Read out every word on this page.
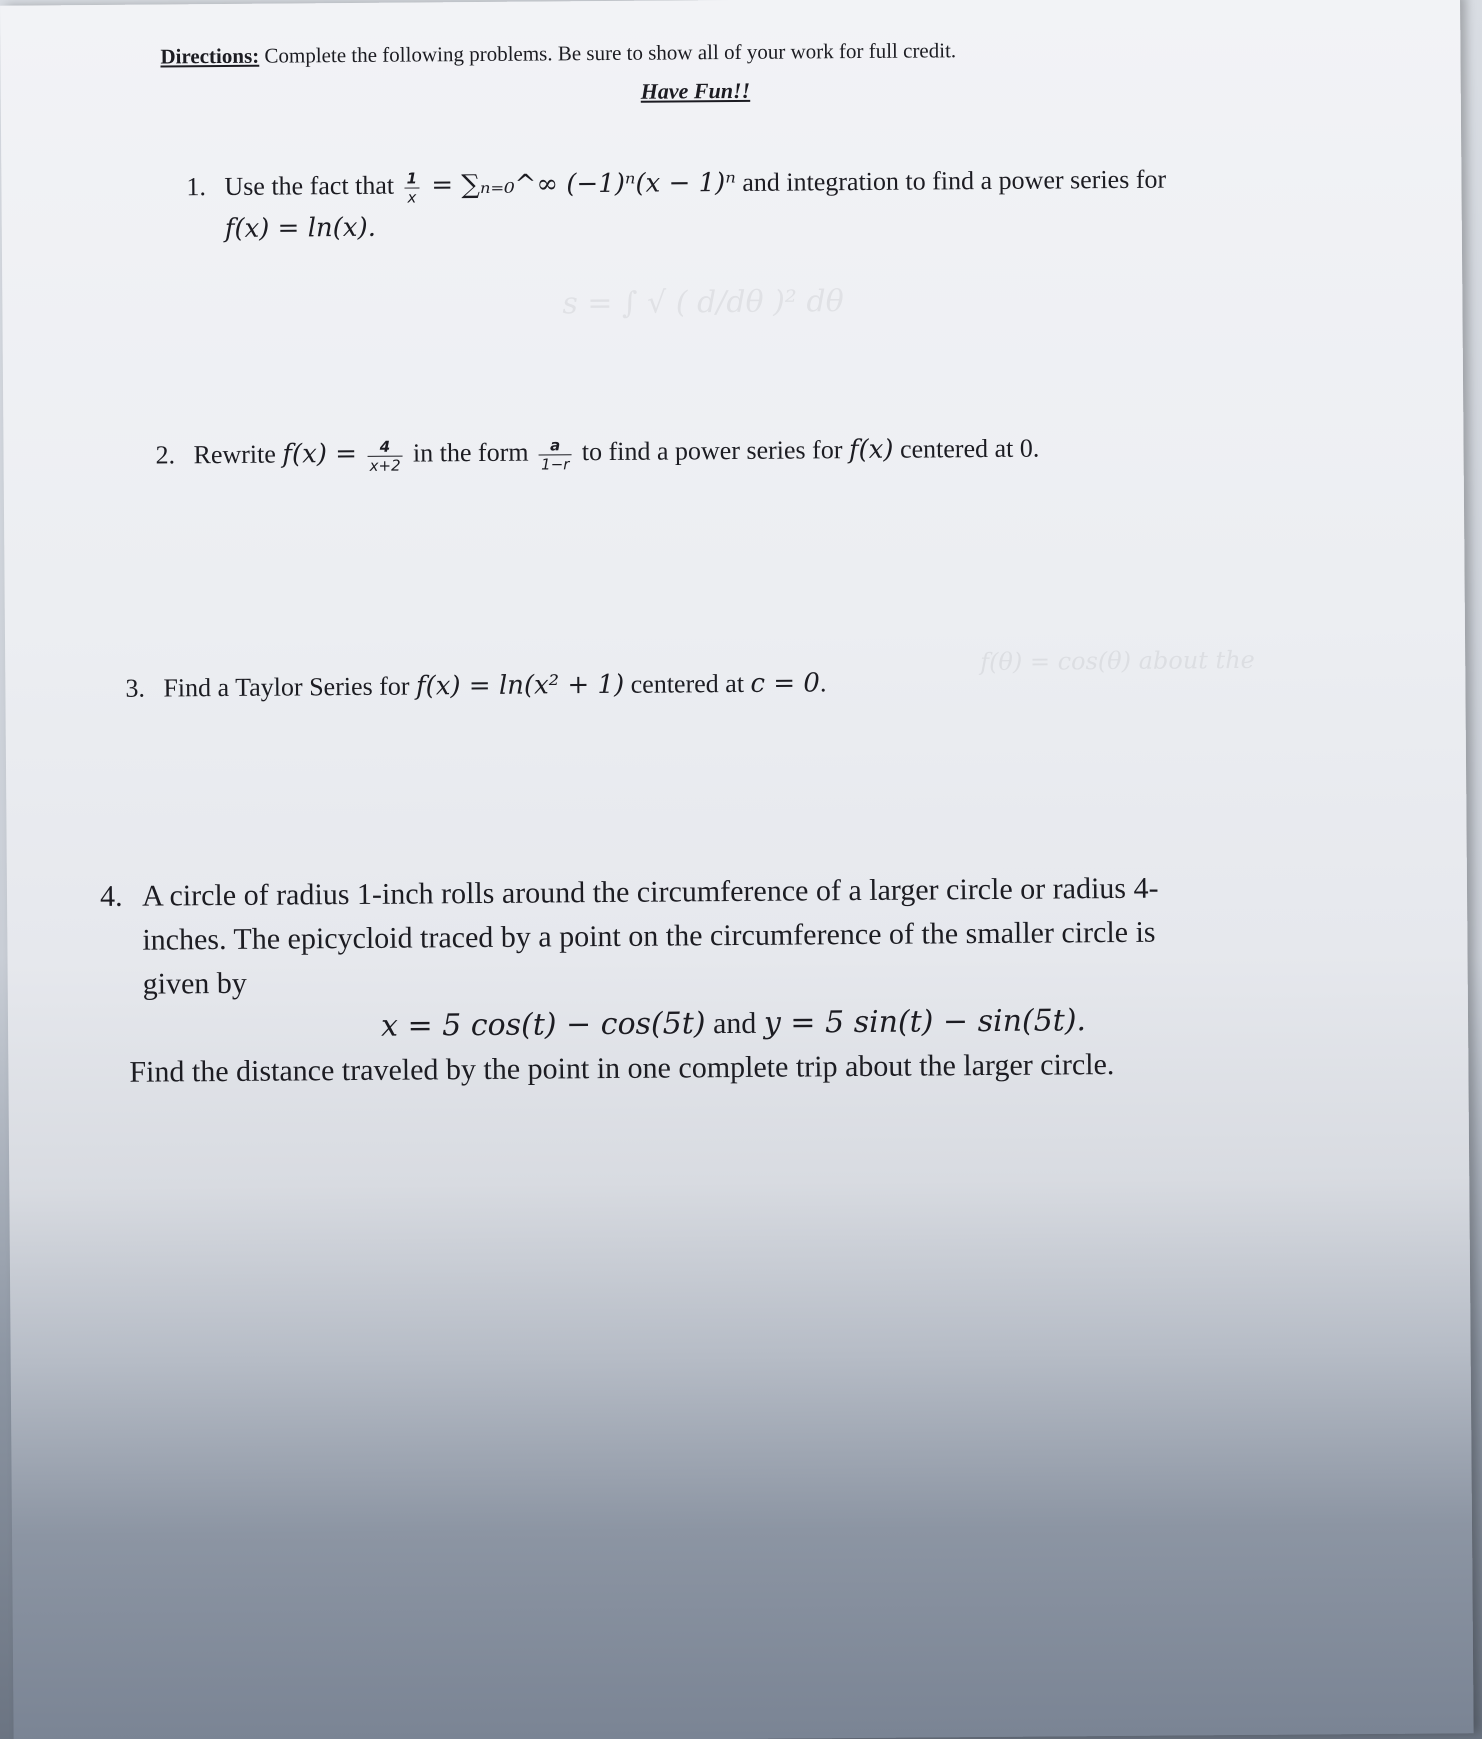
s = ∫ √ ( d/dθ )² dθ
f(θ) = cos(θ) about the
Directions: Complete the following problems. Be sure to show all of your work for full credit.
Have Fun!!
1. Use the fact that $\frac{1}{x}$ = ∑ₙ₌₀^∞ (−1)ⁿ(x − 1)ⁿ and integration to find a power series for
f(x) = ln(x).
2. Rewrite $f(x) = \frac{4}{x+2}$ in the form $\frac{a}{1-r}$ to find a power series for f(x) centered at 0.
3. Find a Taylor Series for f(x) = ln(x² + 1) centered at c = 0.
4. A circle of radius 1-inch rolls around the circumference of a larger circle or radius 4-
inches. The epicycloid traced by a point on the circumference of the smaller circle is
given by
x = 5 cos(t) − cos(5t) and y = 5 sin(t) − sin(5t).
Find the distance traveled by the point in one complete trip about the larger circle.
